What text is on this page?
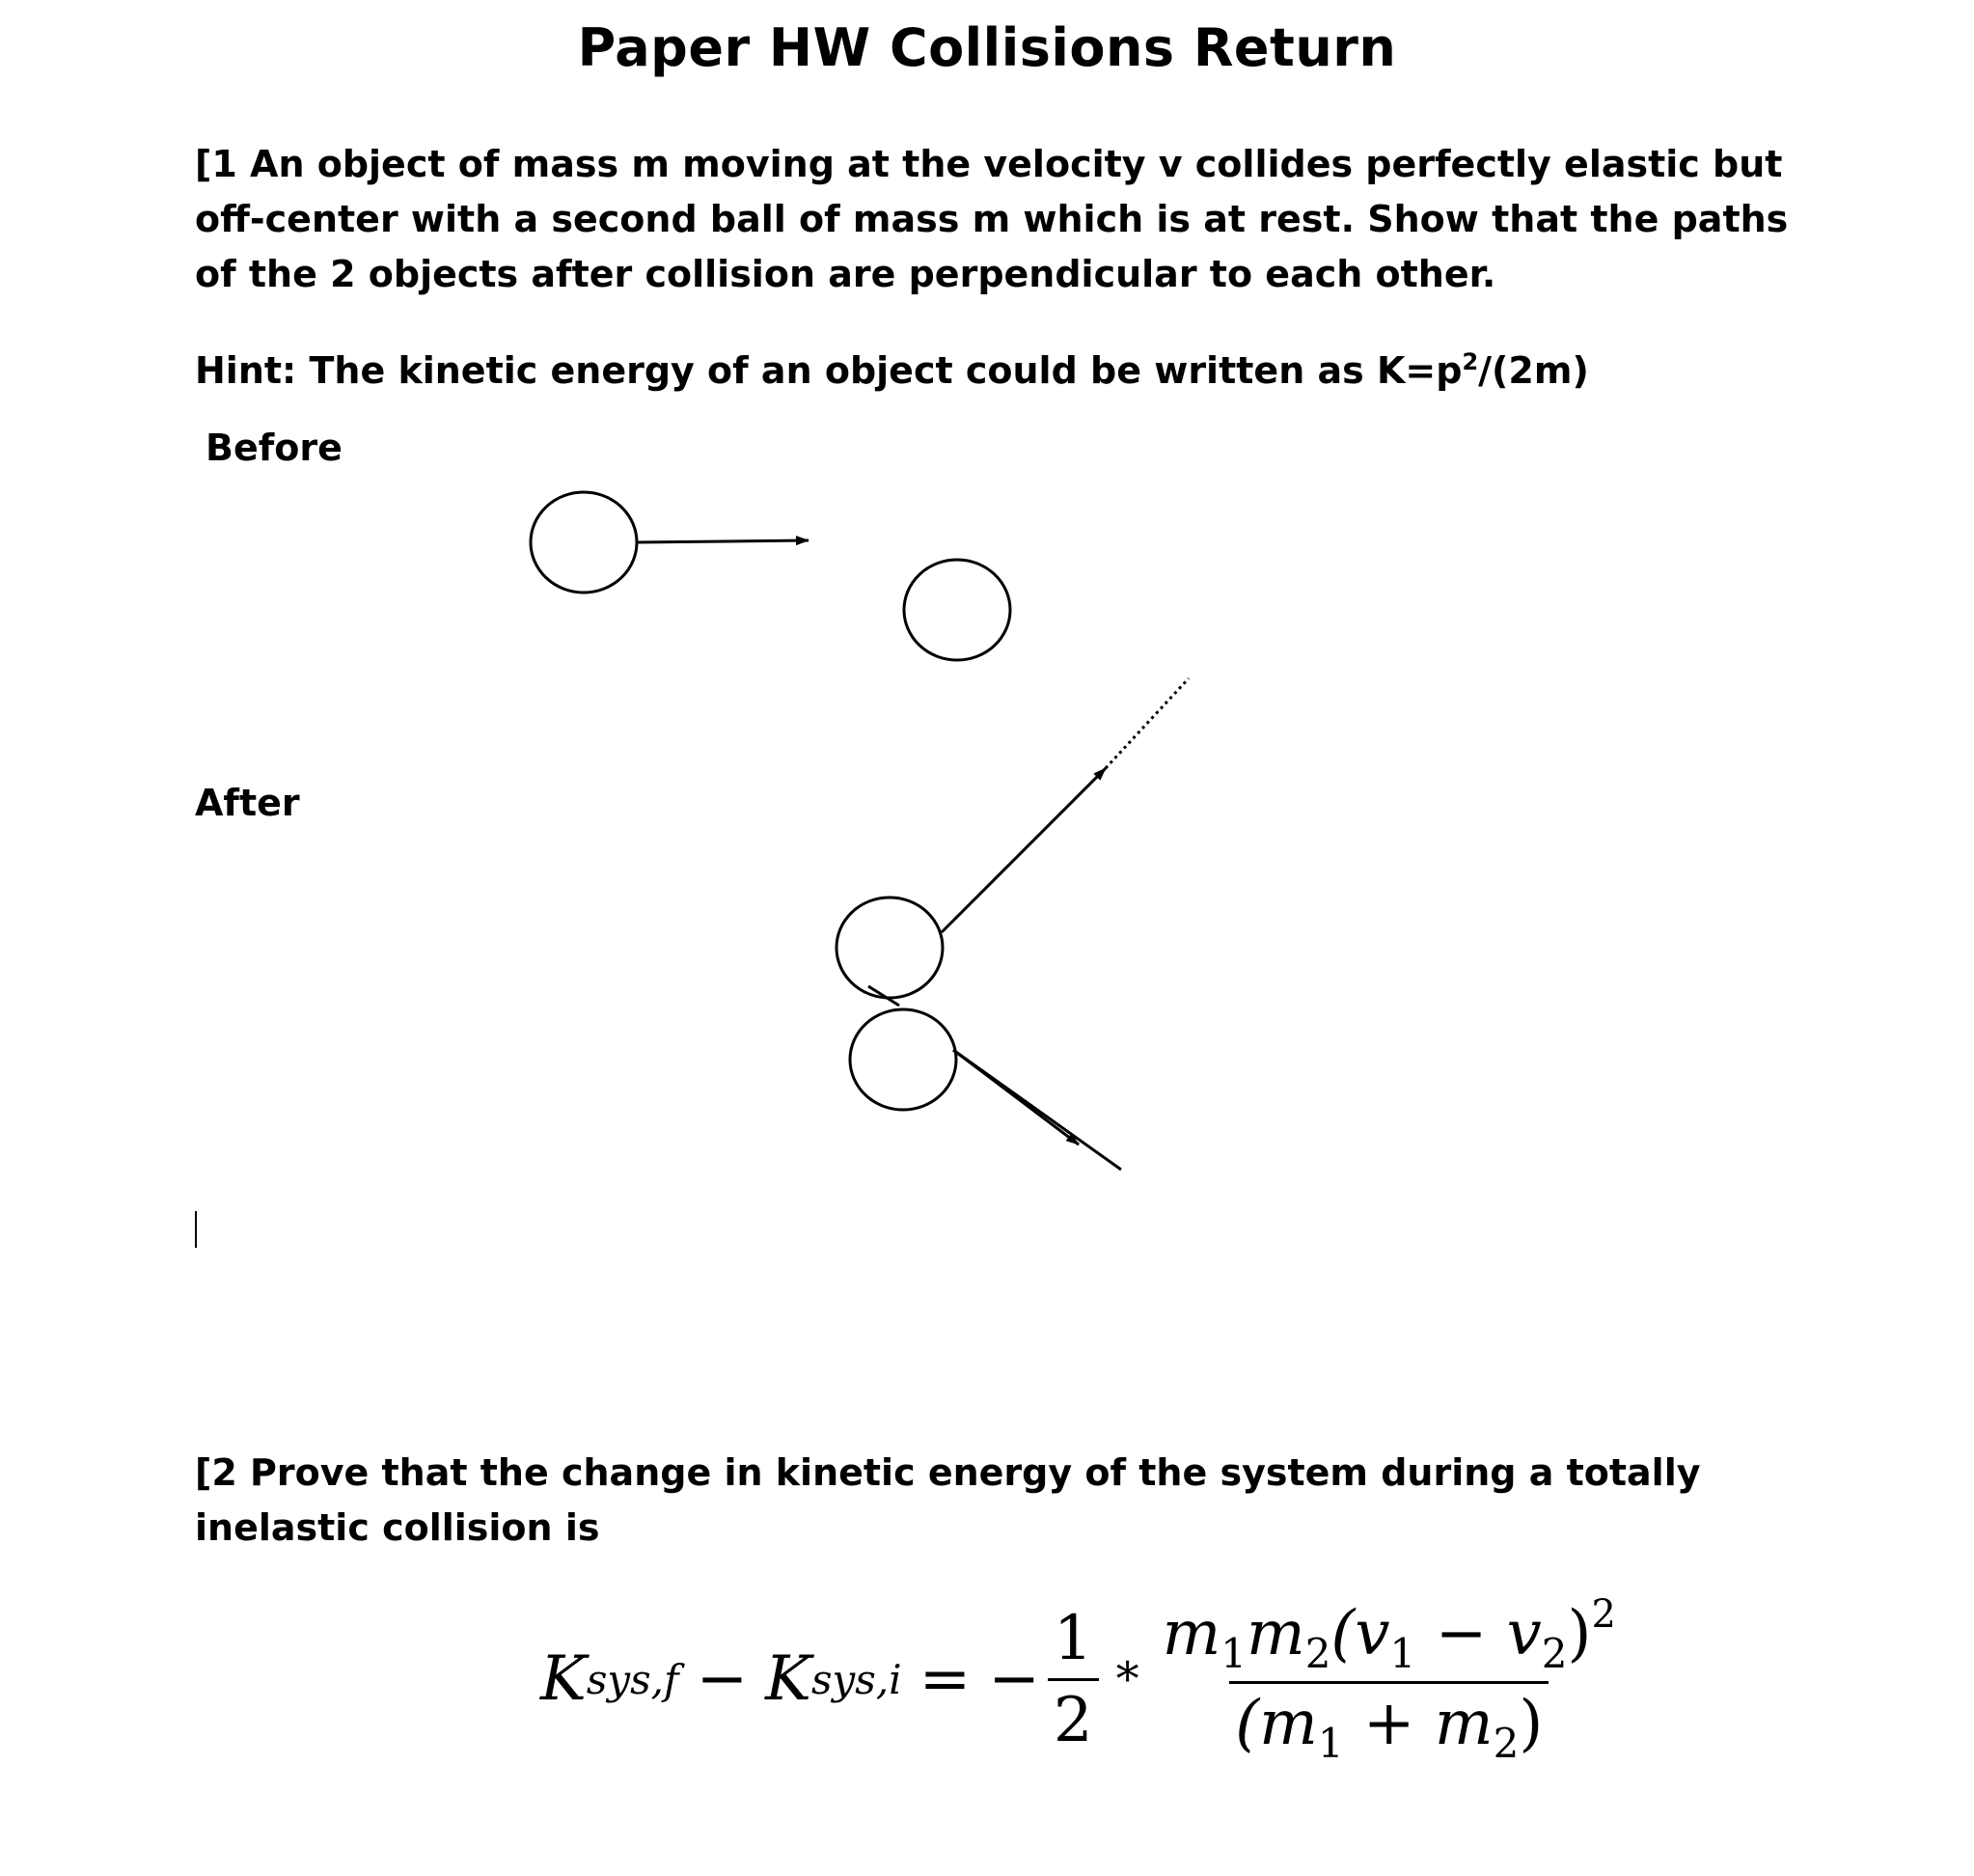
Paper HW Collisions Return
[1 An object of mass m moving at the velocity v collides perfectly elastic but off-center with a second ball of mass m which is at rest. Show that the paths of the 2 objects after collision are perpendicular to each other.
Hint: The kinetic energy of an object could be written as $K=p^2/(2m)$
Before
After
[2 Prove that the change in kinetic energy of the system during a totally inelastic collision is
K sys,f − K sys,i = − $\frac{1}{2} * \frac{m_1m_2(v_1 - v_2)^2}{(m_1 + m_2)}$
